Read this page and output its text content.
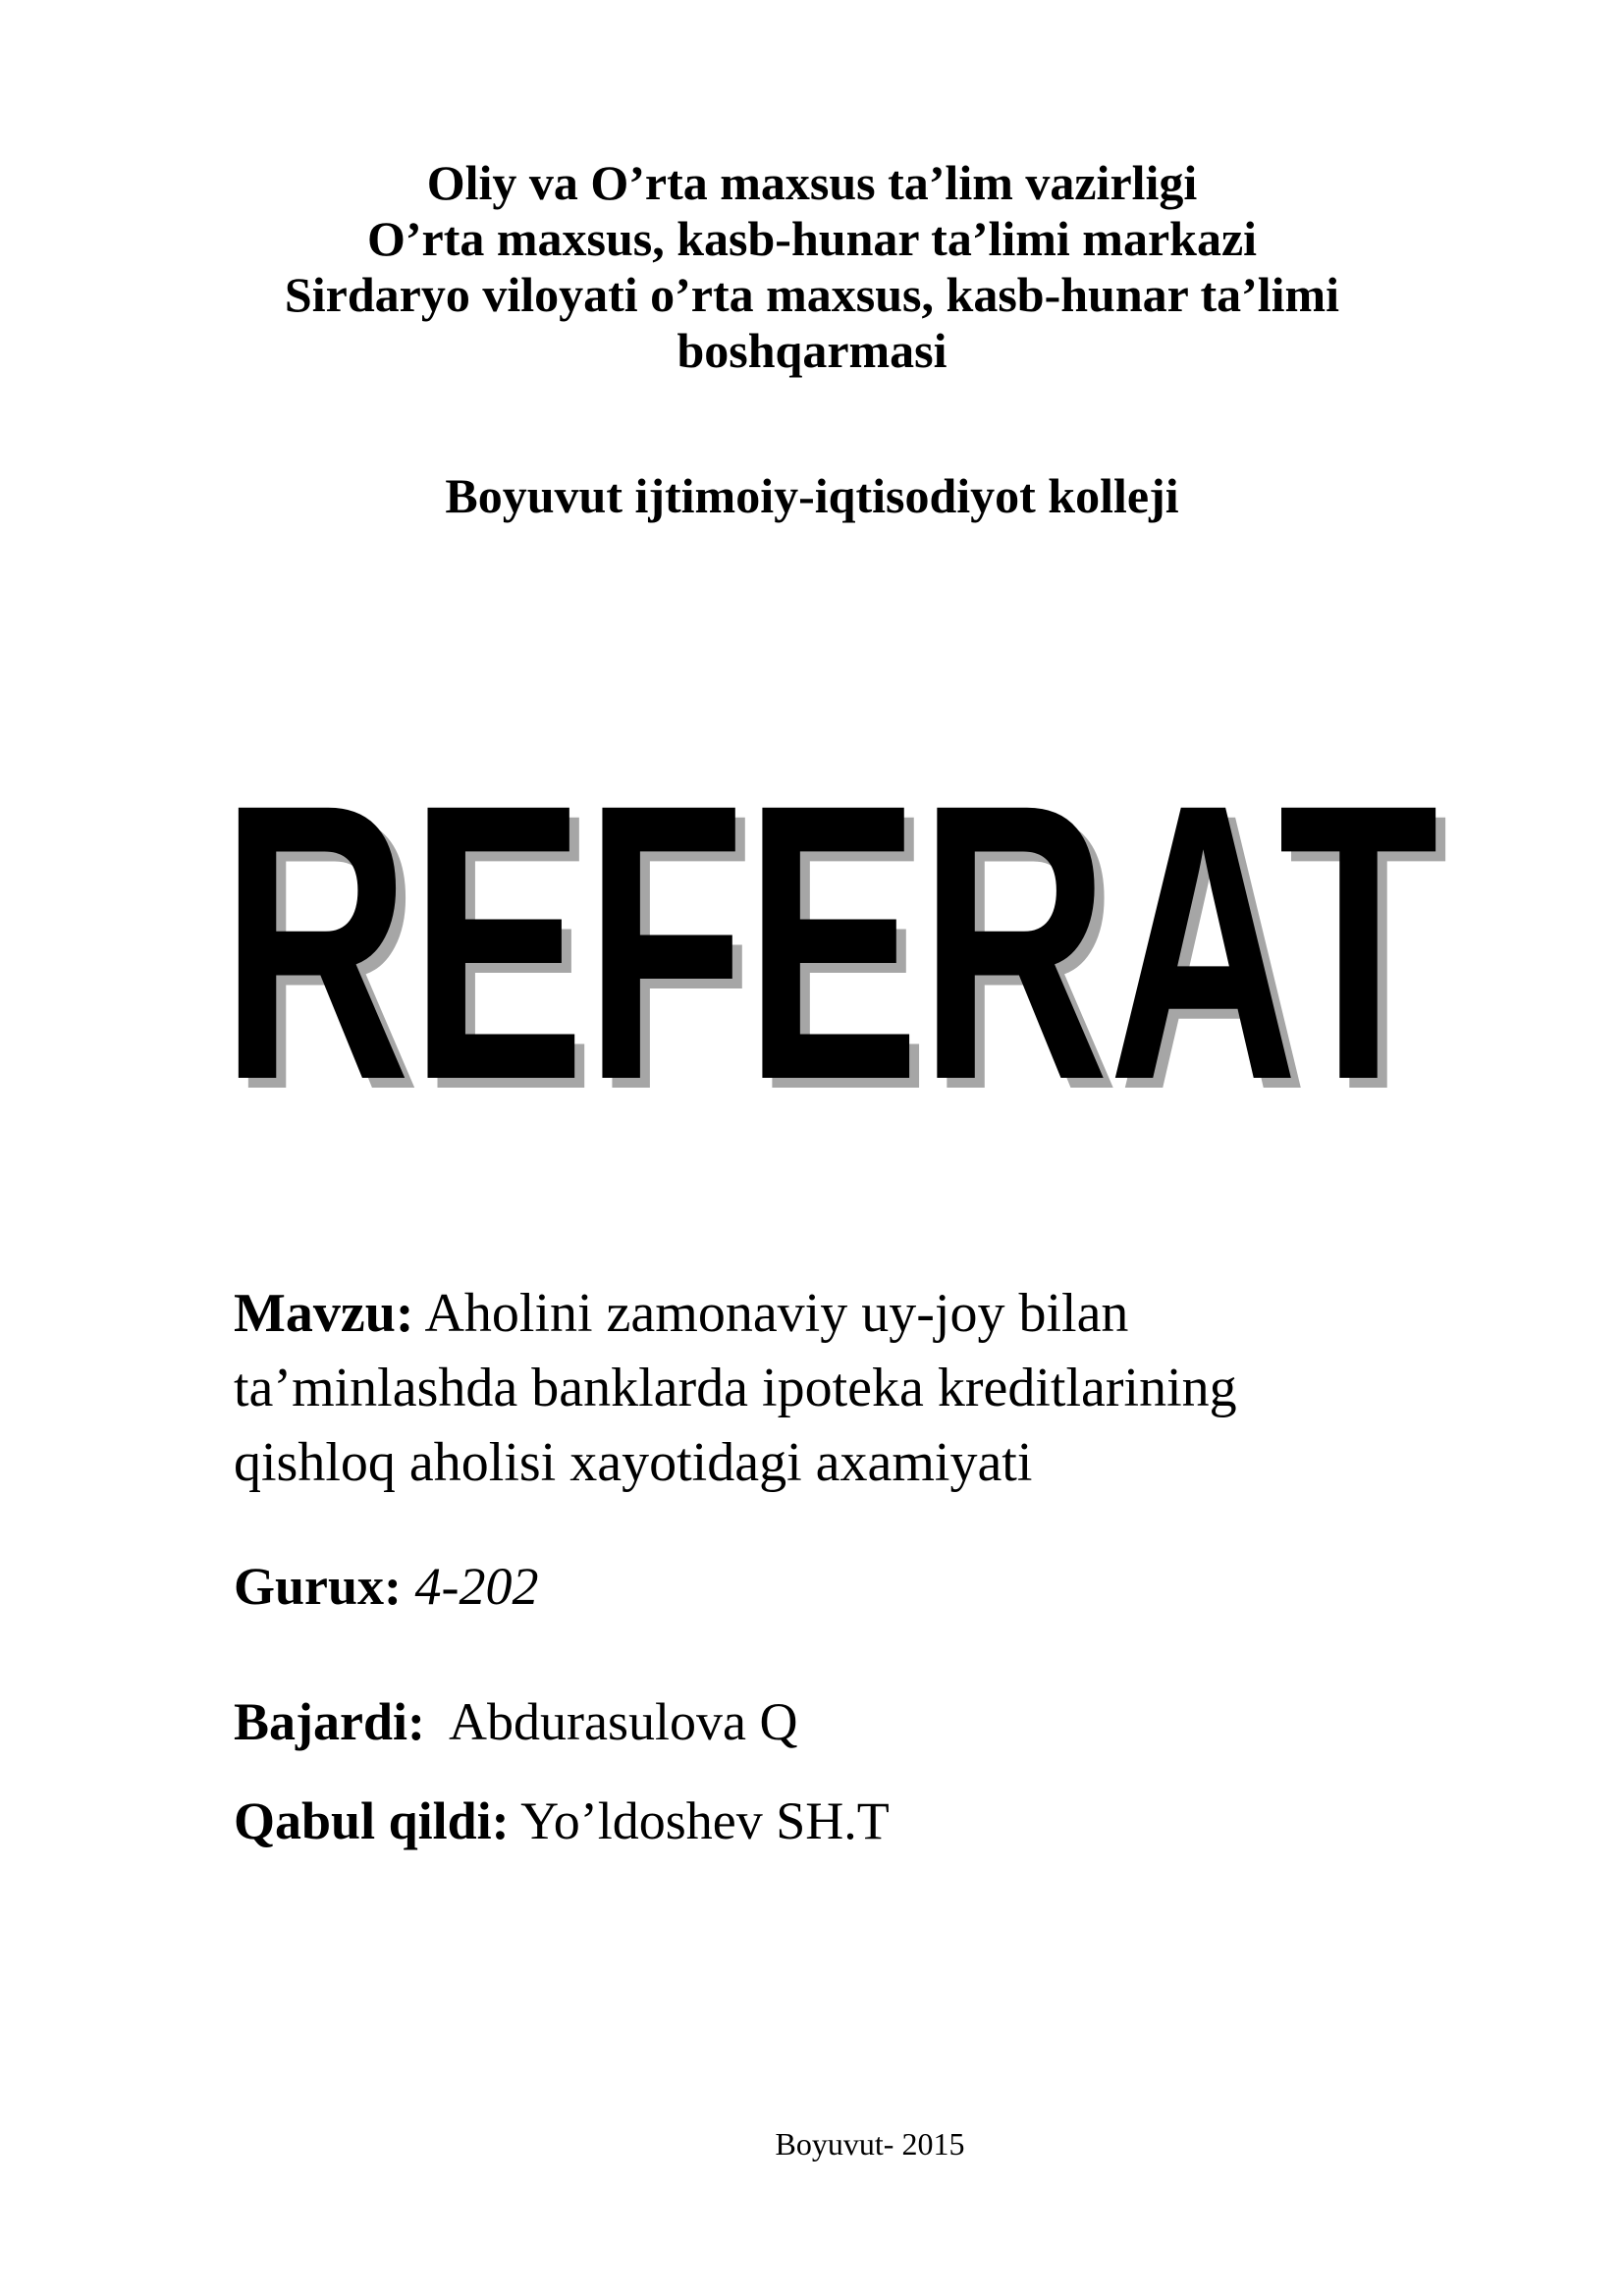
Oliy va O’rta maxsus ta’lim vazirligi
O’rta maxsus, kasb-hunar ta’limi markazi
Sirdaryo viloyati o’rta maxsus, kasb-hunar ta’limi
boshqarmasi
Boyuvut ijtimoiy-iqtisodiyot kolleji
REFERAT
REFERAT
Mavzu: Aholini zamonaviy uy-joy bilan
ta’minlashda banklarda ipoteka kreditlarining
qishloq aholisi xayotidagi axamiyati
Gurux: 4-202
Bajardi: Abdurasulova Q
Qabul qildi: Yo’ldoshev SH.T
Boyuvut- 2015
